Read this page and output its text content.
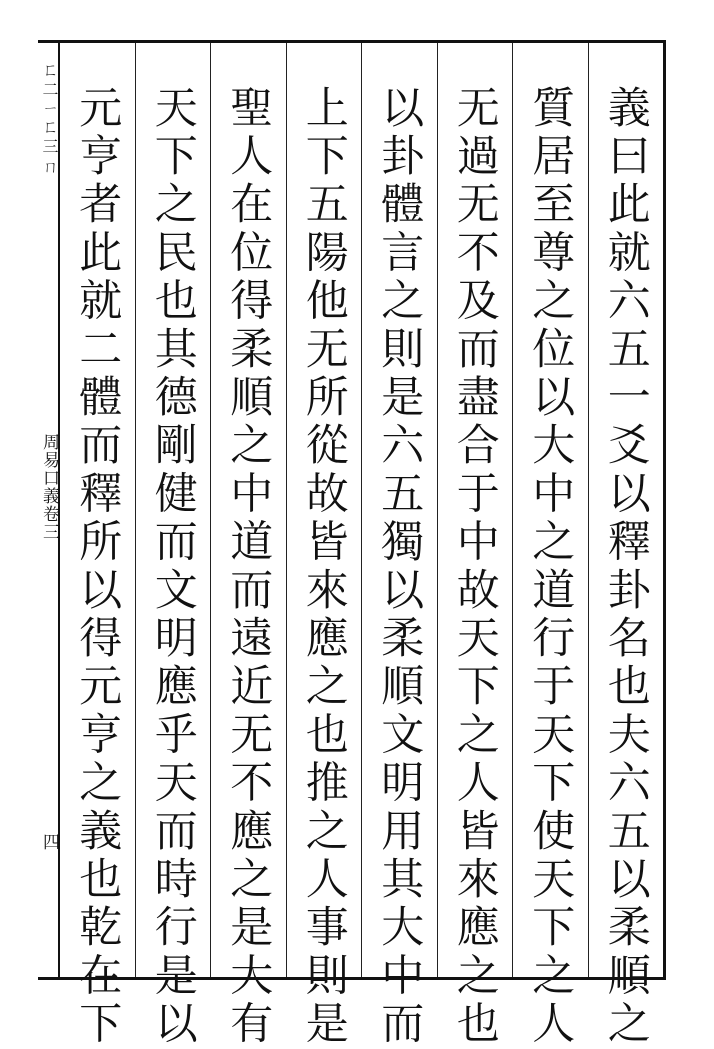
ㄈ二ㄧㄈ三ㄇ
周易口義卷三
四	義曰此就六五一爻以釋卦名也夫六五以柔順之
質居至尊之位以大中之道行于天下使天下之人
无過无不及而盡合于中故天下之人皆來應之也
以卦體言之則是六五獨以柔順文明用其大中而
上下五陽他无所從故皆來應之也推之人事則是
聖人在位得柔順之中道而遠近无不應之是大有
天下之民也其德剛健而文明應乎天而時行是以
元亨者此就二體而釋所以得元亨之義也乾在下
